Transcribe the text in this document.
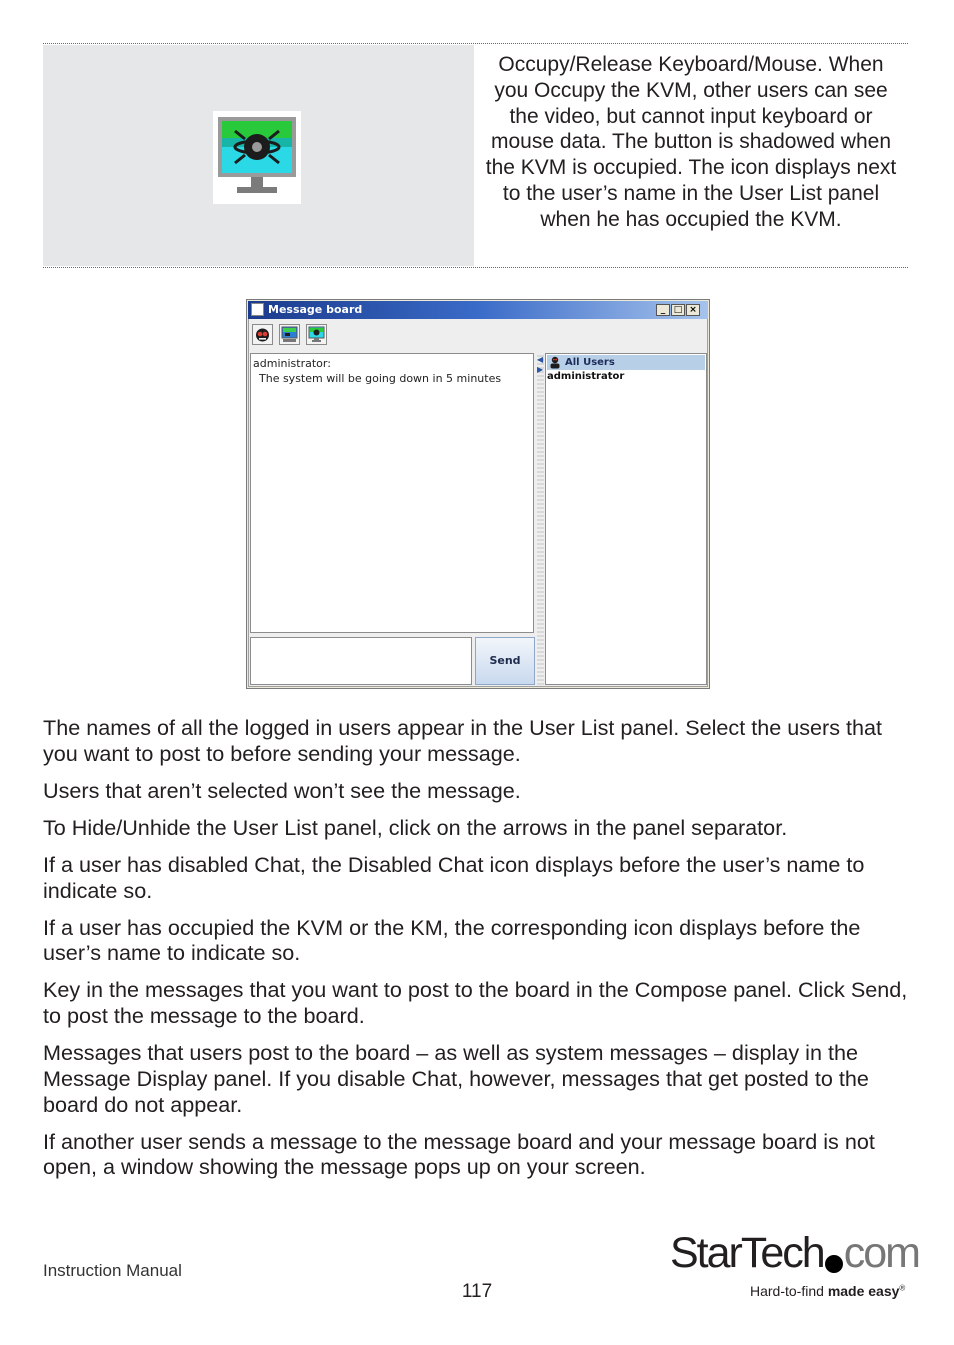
Occupy/Release Keyboard/Mouse. When you Occupy the KVM, other users can see the video, but cannot input keyboard or mouse data. The button is shadowed when the KVM is occupied. The icon displays next to the user’s name in the User List panel when he has occupied the KVM.
Message board	_ □ ×
administrator:
The system will be going down in 5 minutes
Send
◀
▶
All Users
administrator

The names of all the logged in users appear in the User List panel. Select the users that you want to post to before sending your message.

Users that aren’t selected won’t see the message.

To Hide/Unhide the User List panel, click on the arrows in the panel separator.

If a user has disabled Chat, the Disabled Chat icon displays before the user’s name to indicate so.

If a user has occupied the KVM or the KM, the corresponding icon displays before the user’s name to indicate so.

Key in the messages that you want to post to the board in the Compose panel. Click Send, to post the message to the board.

Messages that users post to the board – as well as system messages – display in the Message Display panel. If you disable Chat, however, messages that get posted to the board do not appear.

If another user sends a message to the message board and your message board is not open, a window showing the message pops up on your screen.

Instruction Manual
117
StarTech com
Hard-to-find made easy®
